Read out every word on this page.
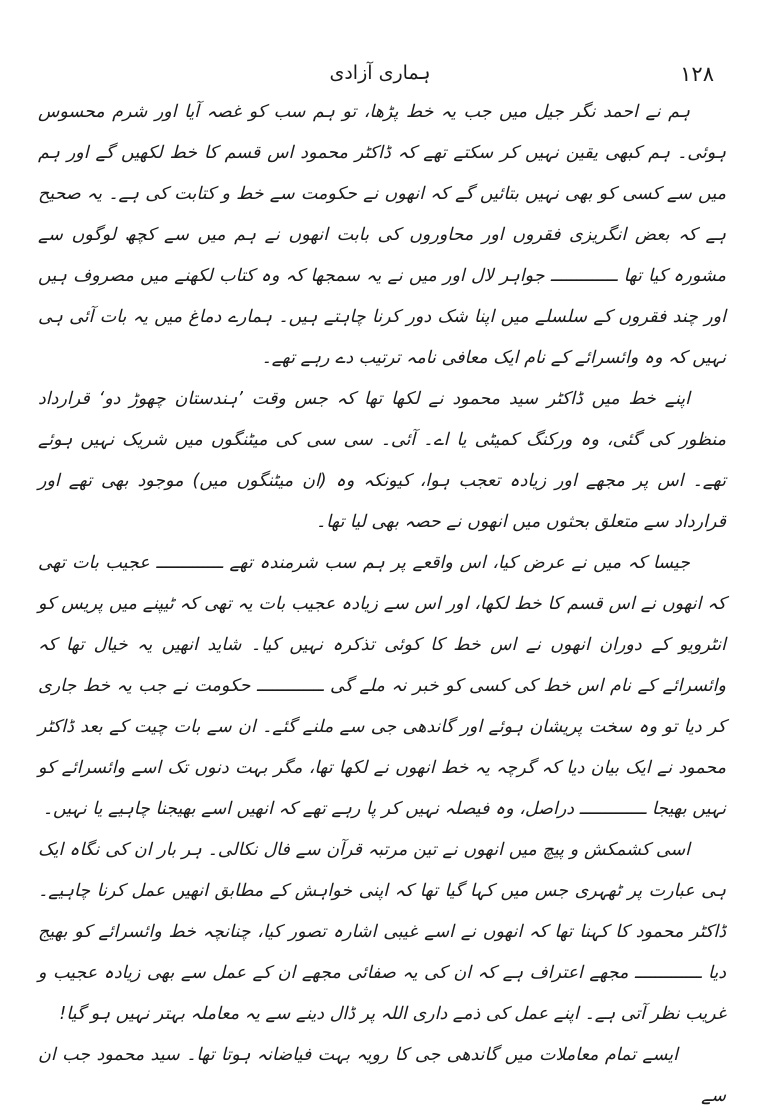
۱۲۸
ہماری آزادی

ہم نے احمد نگر جیل میں جب یہ خط پڑھا، تو ہم سب کو غصہ آیا اور شرم محسوس ہوئی۔ ہم کبھی یقین نہیں کر سکتے تھے کہ ڈاکٹر محمود اس قسم کا خط لکھیں گے اور ہم میں سے کسی کو بھی نہیں بتائیں گے کہ انھوں نے حکومت سے خط و کتابت کی ہے۔ یہ صحیح ہے کہ بعض انگریزی فقروں اور محاوروں کی بابت انھوں نے ہم میں سے کچھ لوگوں سے مشورہ کیا تھا ـــــــــــــ جواہر لال اور میں نے یہ سمجھا کہ وہ کتاب لکھنے میں مصروف ہیں اور چند فقروں کے سلسلے میں اپنا شک دور کرنا چاہتے ہیں۔ ہمارے دماغ میں یہ بات آئی ہی نہیں کہ وہ وائسرائے کے نام ایک معافی نامہ ترتیب دے رہے تھے۔

اپنے خط میں ڈاکٹر سید محمود نے لکھا تھا کہ جس وقت ’ہندستان چھوڑ دو‘ قرارداد منظور کی گئی، وہ ورکنگ کمیٹی یا اے۔ آئی۔ سی سی کی میٹنگوں میں شریک نہیں ہوئے تھے۔ اس پر مجھے اور زیادہ تعجب ہوا، کیونکہ وہ (ان میٹنگوں میں) موجود بھی تھے اور قرارداد سے متعلق بحثوں میں انھوں نے حصہ بھی لیا تھا۔

جیسا کہ میں نے عرض کیا، اس واقعے پر ہم سب شرمندہ تھے ـــــــــــــ عجیب بات تھی کہ انھوں نے اس قسم کا خط لکھا، اور اس سے زیادہ عجیب بات یہ تھی کہ ٹیپنے میں پریس کو انٹرویو کے دوران انھوں نے اس خط کا کوئی تذکرہ نہیں کیا۔ شاید انھیں یہ خیال تھا کہ وائسرائے کے نام اس خط کی کسی کو خبر نہ ملے گی ـــــــــــــ حکومت نے جب یہ خط جاری کر دیا تو وہ سخت پریشان ہوئے اور گاندھی جی سے ملنے گئے۔ ان سے بات چیت کے بعد ڈاکٹر محمود نے ایک بیان دیا کہ گرچہ یہ خط انھوں نے لکھا تھا، مگر بہت دنوں تک اسے وائسرائے کو نہیں بھیجا ـــــــــــــ دراصل، وہ فیصلہ نہیں کر پا رہے تھے کہ انھیں اسے بھیجنا چاہیے یا نہیں۔

اسی کشمکش و پیچ میں انھوں نے تین مرتبہ قرآن سے فال نکالی۔ ہر بار ان کی نگاہ ایک ہی عبارت پر ٹھہری جس میں کہا گیا تھا کہ اپنی خواہش کے مطابق انھیں عمل کرنا چاہیے۔ ڈاکٹر محمود کا کہنا تھا کہ انھوں نے اسے غیبی اشارہ تصور کیا، چنانچہ خط وائسرائے کو بھیج دیا ـــــــــــــ مجھے اعتراف ہے کہ ان کی یہ صفائی مجھے ان کے عمل سے بھی زیادہ عجیب و غریب نظر آتی ہے۔ اپنے عمل کی ذمے داری اللہ پر ڈال دینے سے یہ معاملہ بہتر نہیں ہو گیا!

ایسے تمام معاملات میں گاندھی جی کا رویہ بہت فیاضانہ ہوتا تھا۔ سید محمود جب ان سے
